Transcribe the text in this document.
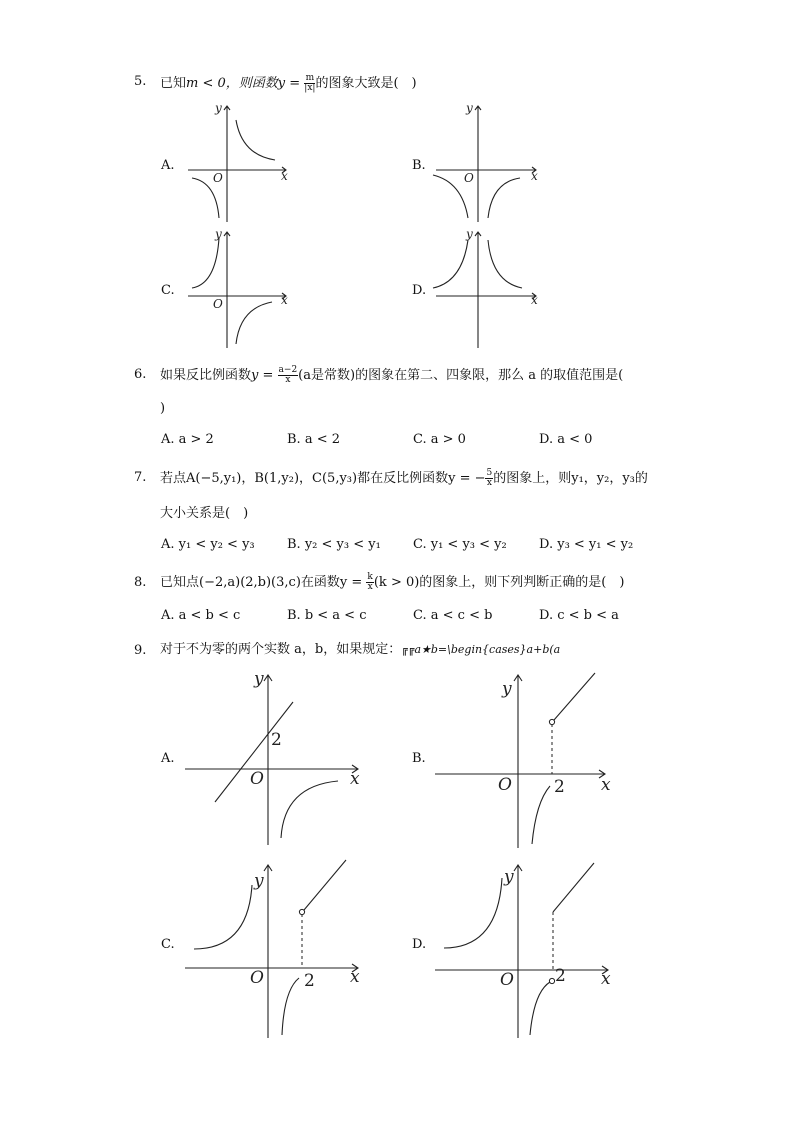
5. 已知m < 0，则函数$y = \frac{m}{|x|}$ 的图象大致是(　)
A.	B.
C.	D.
y
x
O
y
x
O
y
x
O
y
x
6. 如果反比例函数$y = \frac{a-2}{x} (a$是常数)的图象在第二、四象限，那么 a 的取值范围是(
)
A. a > 2	B. a < 2	C. a > 0	D. a < 0
7. 若点A(−5,y₁)，B(1,y₂)，C(5,y₃)都在反比例函数y = − $\frac{5}{x}$ 的图象上，则y₁，y₂，y₃的
大小关系是(　)
A. y₁ < y₂ < y₃ B. y₂ < y₃ < y₁ C. y₁ < y₃ < y₂ D. y₃ < y₁ < y₂
8. 已知点(−2,a)(2,b)(3,c)在函数$y = \frac{k}{x} (k > 0)$的图象上，则下列判断正确的是(　)
A. a < b < c	B. b < a < c	C. a < c < b	D. c < b < a
9. 对于不为零的两个实数 a，b，如果规定：╔╔a★b=\begin{cases}a+b(a
A.	B.
C.	D.
y
x
O
2
y
x
O 2
y
x
O 2
y
x
O 2
